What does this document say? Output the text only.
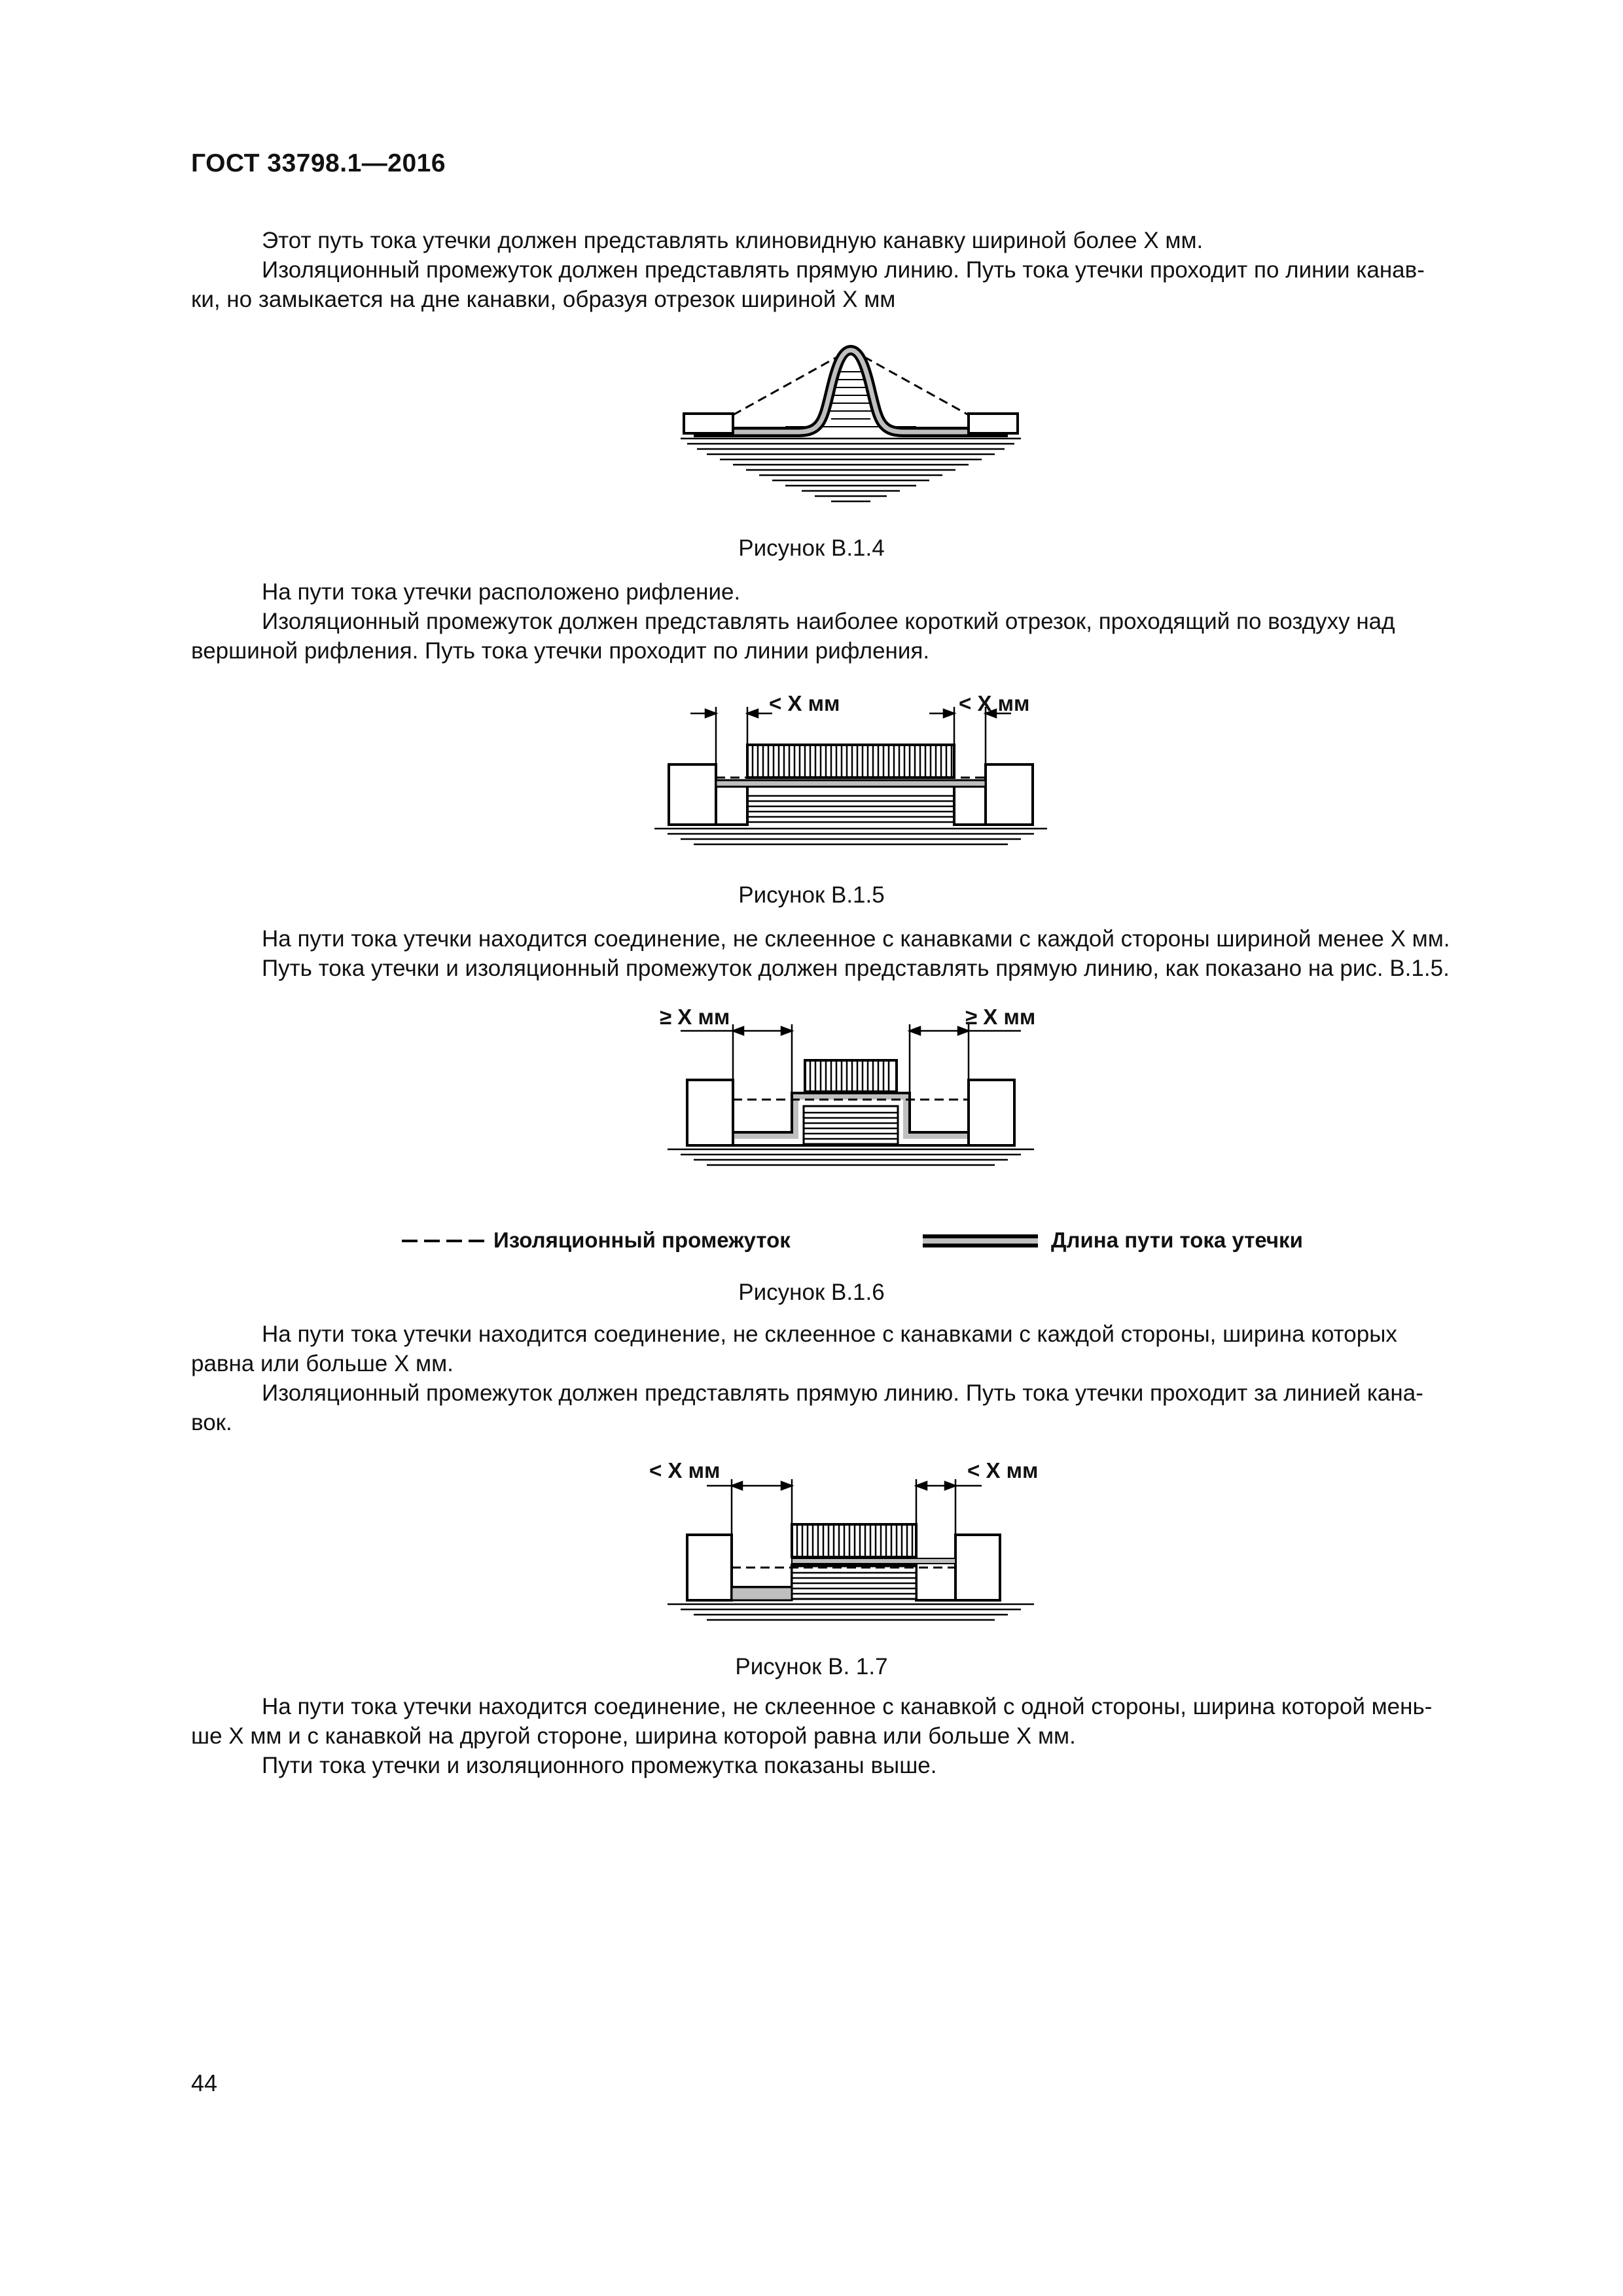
ГОСТ 33798.1—2016
Этот путь тока утечки должен представлять клиновидную канавку шириной более X мм.
Изоляционный промежуток должен представлять прямую линию. Путь тока утечки проходит по линии канав-
ки, но замыкается на дне канавки, образуя отрезок шириной X мм
Рисунок В.1.4
На пути тока утечки расположено рифление.
Изоляционный промежуток должен представлять наиболее короткий отрезок, проходящий по воздуху над
вершиной рифления. Путь тока утечки проходит по линии рифления.
< X мм	< X мм
Рисунок В.1.5
На пути тока утечки находится соединение, не склеенное с канавками с каждой стороны шириной менее X мм.
Путь тока утечки и изоляционный промежуток должен представлять прямую линию, как показано на рис. В.1.5.
≥ X мм	≥ X мм
Изоляционный промежуток	Длина пути тока утечки
Рисунок В.1.6
На пути тока утечки находится соединение, не склеенное с канавками с каждой стороны, ширина которых
равна или больше X мм.
Изоляционный промежуток должен представлять прямую линию. Путь тока утечки проходит за линией кана-
вок.
< X мм	< X мм
Рисунок В. 1.7
На пути тока утечки находится соединение, не склеенное с канавкой с одной стороны, ширина которой мень-
ше X мм и с канавкой на другой стороне, ширина которой равна или больше X мм.
Пути тока утечки и изоляционного промежутка показаны выше.
44
